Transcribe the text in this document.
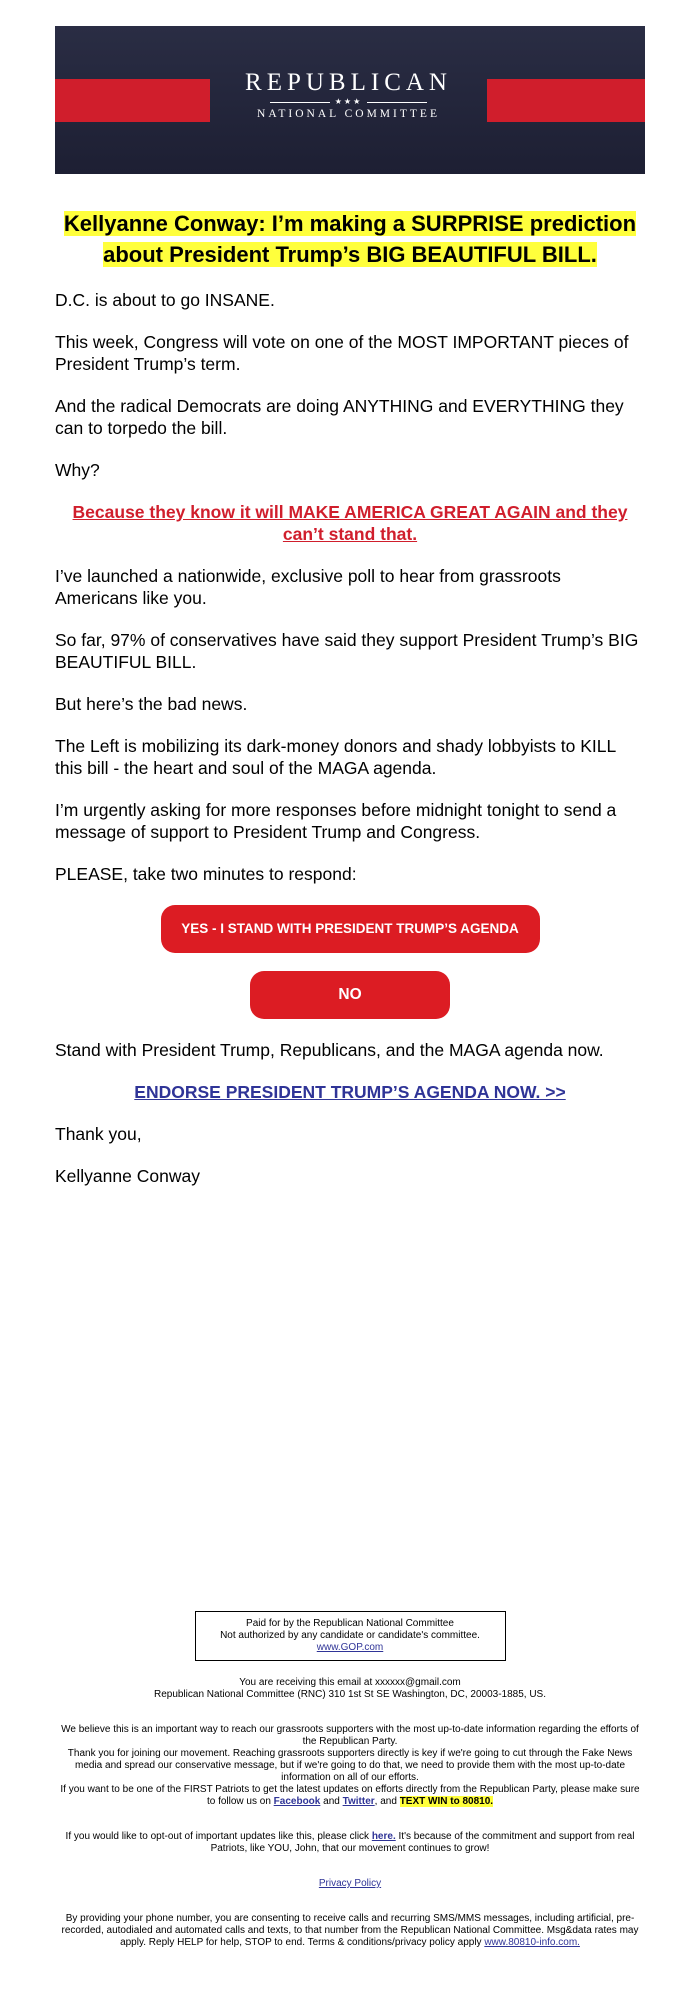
REPUBLICAN
★★★
NATIONAL COMMITTEE
Kellyanne Conway: I’m making a SURPRISE prediction about President Trump’s BIG BEAUTIFUL BILL.

D.C. is about to go INSANE.

This week, Congress will vote on one of the MOST IMPORTANT pieces of President Trump’s term.

And the radical Democrats are doing ANYTHING and EVERYTHING they can to torpedo the bill.

Why?

Because they know it will MAKE AMERICA GREAT AGAIN and they can’t stand that.

I’ve launched a nationwide, exclusive poll to hear from grassroots Americans like you.

So far, 97% of conservatives have said they support President Trump’s BIG BEAUTIFUL BILL.

But here’s the bad news.

The Left is mobilizing its dark-money donors and shady lobbyists to KILL this bill - the heart and soul of the MAGA agenda.

I’m urgently asking for more responses before midnight tonight to send a message of support to President Trump and Congress.

PLEASE, take two minutes to respond:

YES - I STAND WITH PRESIDENT TRUMP’S AGENDA
NO

Stand with President Trump, Republicans, and the MAGA agenda now.

ENDORSE PRESIDENT TRUMP’S AGENDA NOW. >>

Thank you,

Kellyanne Conway

Paid for by the Republican National Committee

Not authorized by any candidate or candidate's committee.

www.GOP.com

You are receiving this email at xxxxxx@gmail.com

Republican National Committee (RNC) 310 1st St SE Washington, DC, 20003-1885, US.

We believe this is an important way to reach our grassroots supporters with the most up-to-date information regarding the efforts of the Republican Party.

Thank you for joining our movement. Reaching grassroots supporters directly is key if we're going to cut through the Fake News media and spread our conservative message, but if we're going to do that, we need to provide them with the most up-to-date information on all of our efforts.

If you want to be one of the FIRST Patriots to get the latest updates on efforts directly from the Republican Party, please make sure to follow us on Facebook and Twitter, and TEXT WIN to 80810.

If you would like to opt-out of important updates like this, please click here. It's because of the commitment and support from real Patriots, like YOU, John, that our movement continues to grow!

Privacy Policy

By providing your phone number, you are consenting to receive calls and recurring SMS/MMS messages, including artificial, pre-recorded, autodialed and automated calls and texts, to that number from the Republican National Committee. Msg&data rates may apply. Reply HELP for help, STOP to end. Terms & conditions/privacy policy apply www.80810-info.com.
